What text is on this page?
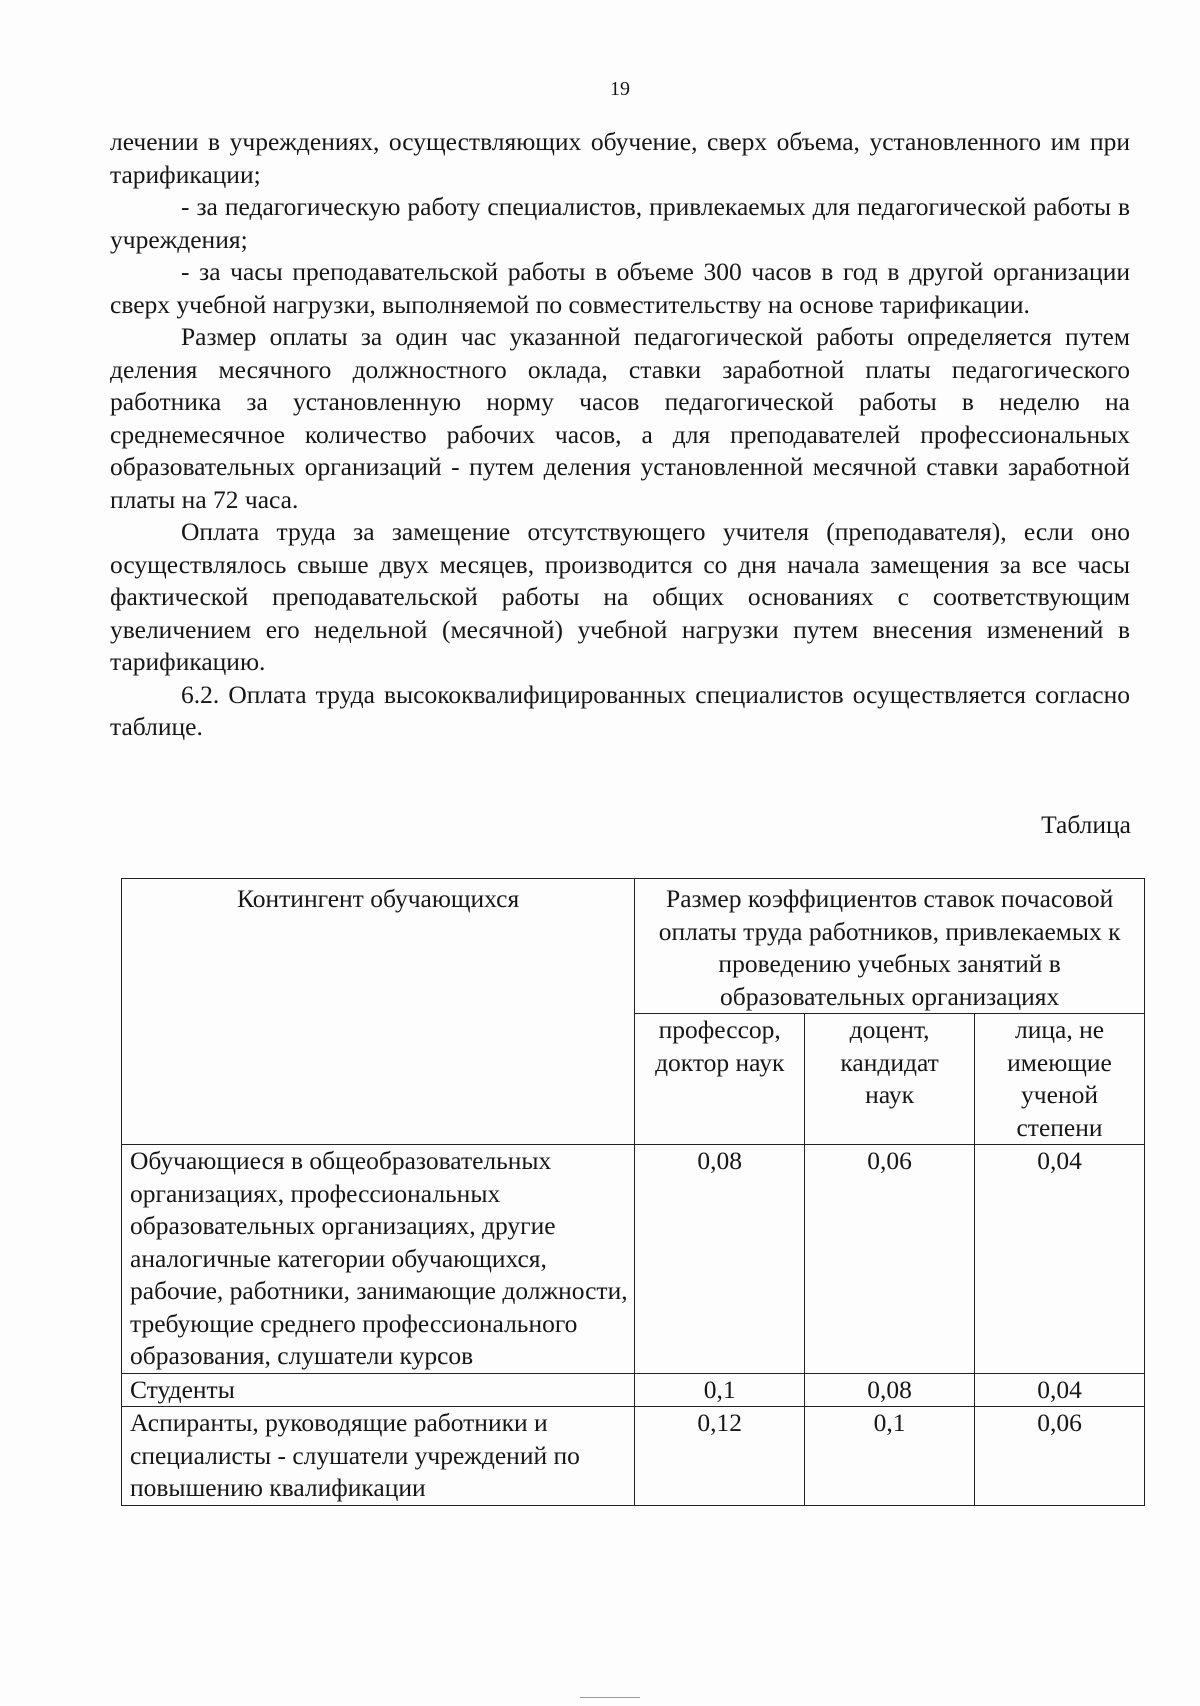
19

лечении в учреждениях, осуществляющих обучение, сверх объема, установленного им при тарификации;

- за педагогическую работу специалистов, привлекаемых для педагогической работы в учреждения;

- за часы преподавательской работы в объеме 300 часов в год в другой организации сверх учебной нагрузки, выполняемой по совместительству на основе тарификации.

Размер оплаты за один час указанной педагогической работы определяется путем деления месячного должностного оклада, ставки заработной платы педагогического работника за установленную норму часов педагогической работы в неделю на среднемесячное количество рабочих часов, а для преподавателей профессиональных образовательных организаций - путем деления установленной месячной ставки заработной платы на 72 часа.

Оплата труда за замещение отсутствующего учителя (преподавателя), если оно осуществлялось свыше двух месяцев, производится со дня начала замещения за все часы фактической преподавательской работы на общих основаниях с соответствующим увеличением его недельной (месячной) учебной нагрузки путем внесения изменений в тарификацию.

6.2. Оплата труда высококвалифицированных специалистов осуществляется согласно таблице.

Таблица
Контингент обучающихся	Размер коэффициентов ставок почасовой оплаты труда работников, привлекаемых к проведению учебных занятий в образовательных организациях		
	профессор, доктор наук	доцент, кандидат наук	лица, не имеющие ученой степени
Обучающиеся в общеобразовательных организациях, профессиональных образовательных организациях, другие аналогичные категории обучающихся, рабочие, работники, занимающие должности, требующие среднего профессионального образования, слушатели курсов	0,08	0,06	0,04
Студенты	0,1	0,08	0,04
Аспиранты, руководящие работники и специалисты - слушатели учреждений по повышению квалификации	0,12	0,1	0,06
